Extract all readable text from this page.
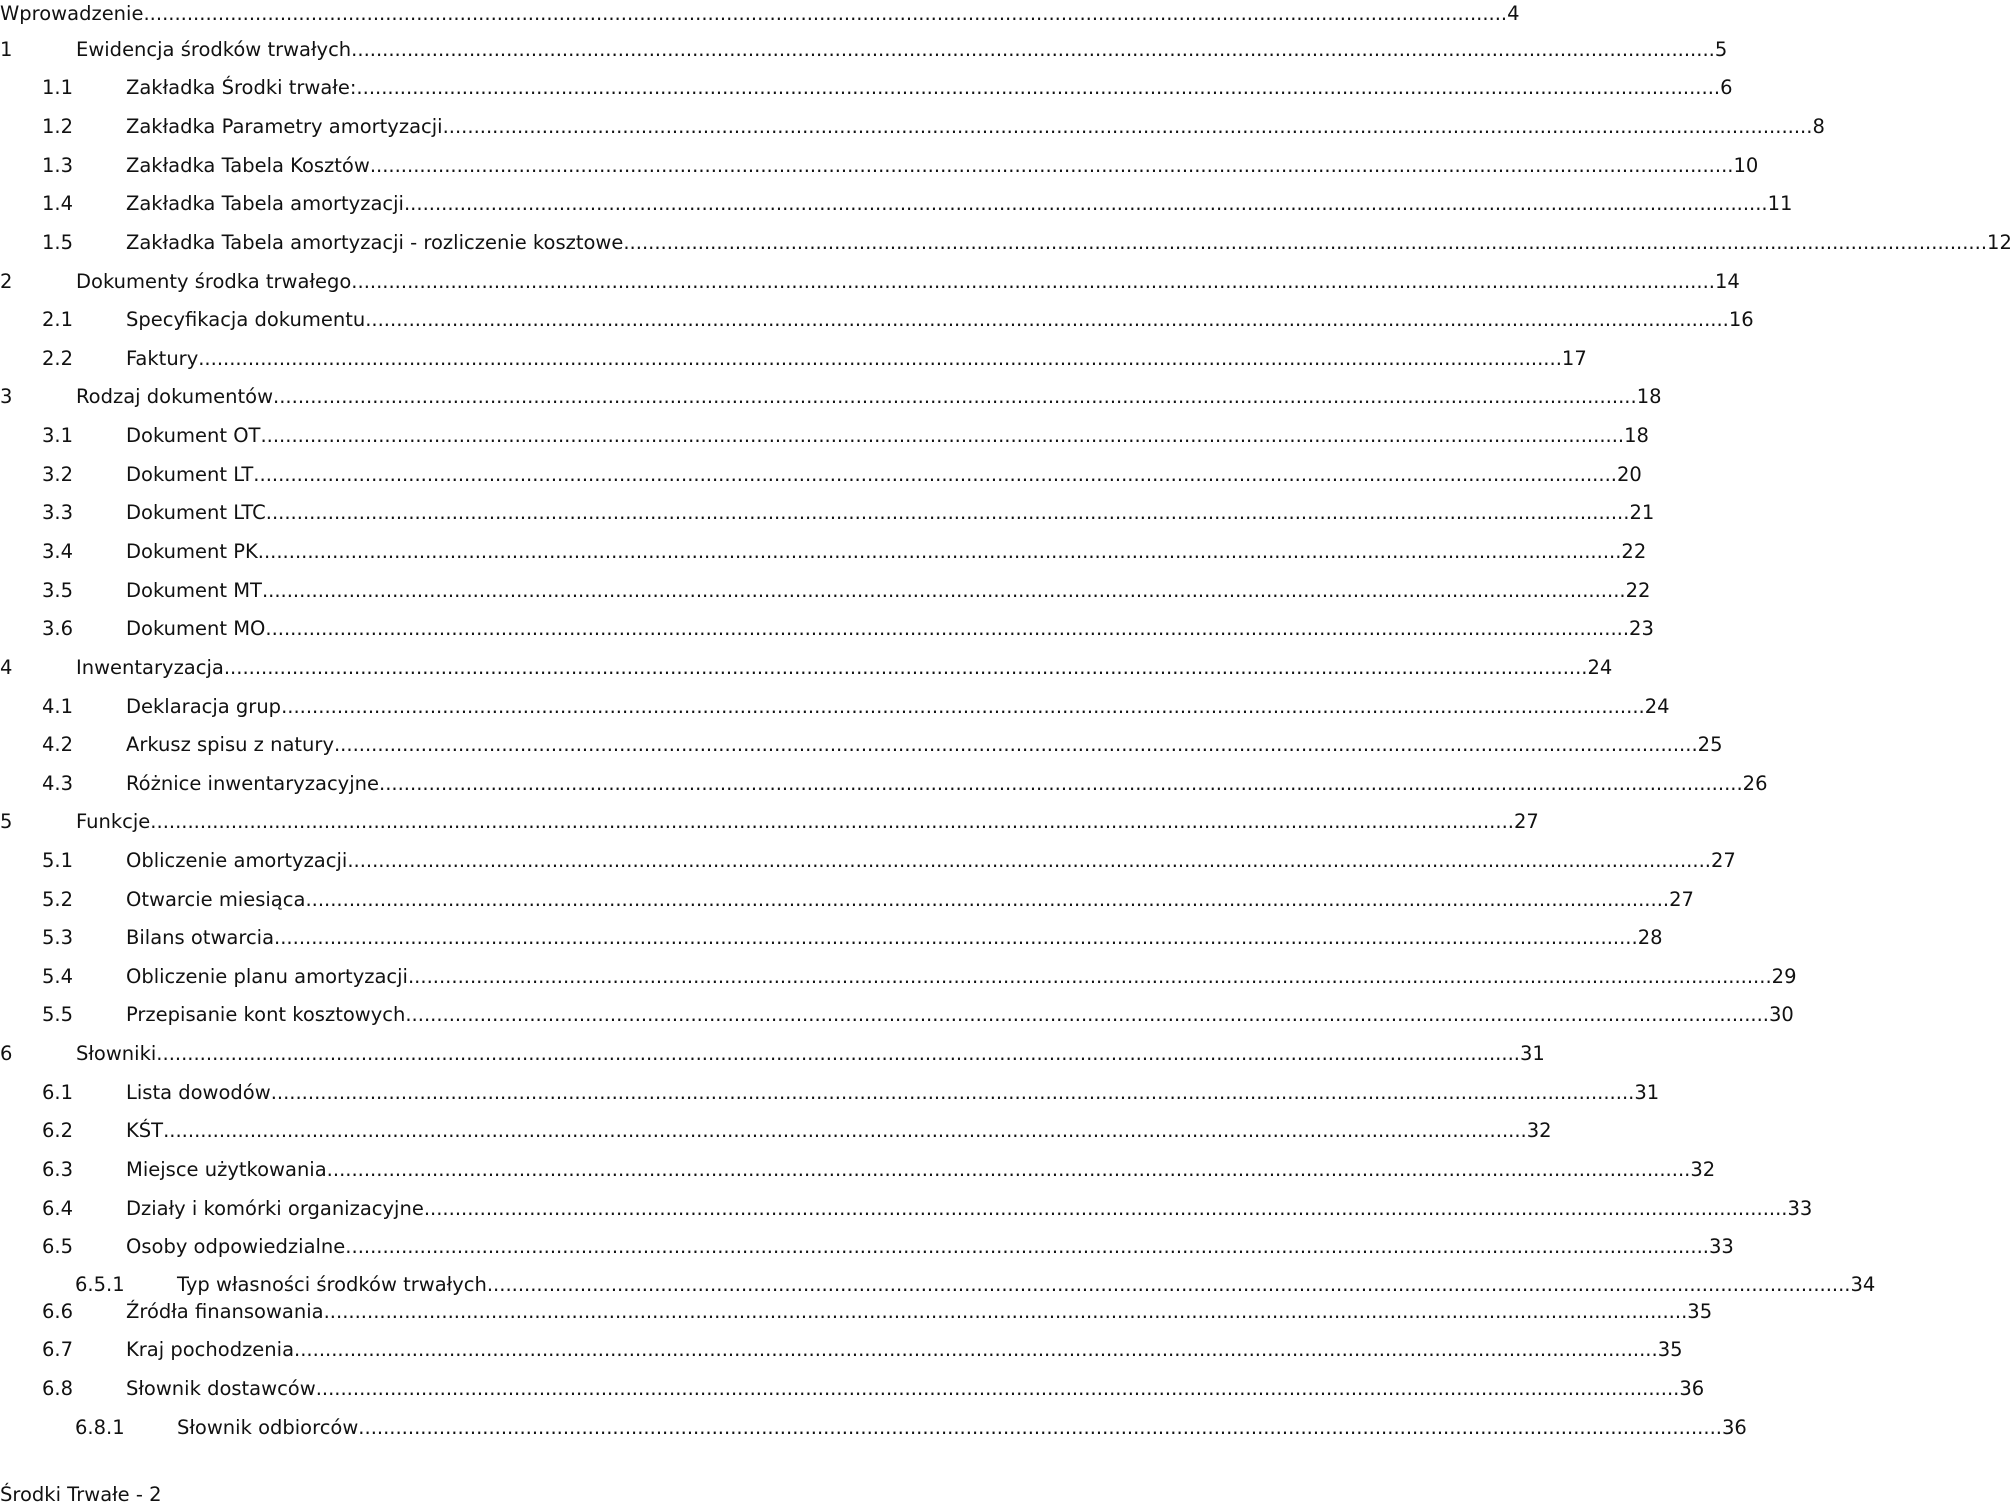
Wprowadzenie ............................................................................................................................................................................................................................ 4
1	Ewidencja środków trwałych ............................................................................................................................................................................................................................ 5
1.1	Zakładka Środki trwałe: ............................................................................................................................................................................................................................ 6
1.2	Zakładka Parametry amortyzacji. ............................................................................................................................................................................................................................ 8
1.3	Zakładka Tabela Kosztów ............................................................................................................................................................................................................................ 10
1.4	Zakładka Tabela amortyzacji ............................................................................................................................................................................................................................ 11
1.5	Zakładka Tabela amortyzacji - rozliczenie kosztowe ............................................................................................................................................................................................................................ 12
2	Dokumenty środka trwałego ............................................................................................................................................................................................................................ 14
2.1	Specyfikacja dokumentu ............................................................................................................................................................................................................................ 16
2.2	Faktury ............................................................................................................................................................................................................................ 17
3	Rodzaj dokumentów ............................................................................................................................................................................................................................ 18
3.1	Dokument OT ............................................................................................................................................................................................................................ 18
3.2	Dokument LT ............................................................................................................................................................................................................................ 20
3.3	Dokument LTC ............................................................................................................................................................................................................................ 21
3.4	Dokument PK ............................................................................................................................................................................................................................ 22
3.5	Dokument MT ............................................................................................................................................................................................................................ 22
3.6	Dokument MO ............................................................................................................................................................................................................................ 23
4	Inwentaryzacja ............................................................................................................................................................................................................................ 24
4.1	Deklaracja grup ............................................................................................................................................................................................................................ 24
4.2	Arkusz spisu z natury ............................................................................................................................................................................................................................ 25
4.3	Różnice inwentaryzacyjne ............................................................................................................................................................................................................................ 26
5	Funkcje ............................................................................................................................................................................................................................ 27
5.1	Obliczenie amortyzacji ............................................................................................................................................................................................................................ 27
5.2	Otwarcie miesiąca ............................................................................................................................................................................................................................ 27
5.3	Bilans otwarcia ............................................................................................................................................................................................................................ 28
5.4	Obliczenie planu amortyzacji ............................................................................................................................................................................................................................ 29
5.5	Przepisanie kont kosztowych ............................................................................................................................................................................................................................ 30
6	Słowniki ............................................................................................................................................................................................................................ 31
6.1	Lista dowodów ............................................................................................................................................................................................................................ 31
6.2	KŚT ............................................................................................................................................................................................................................ 32
6.3	Miejsce użytkowania ............................................................................................................................................................................................................................ 32
6.4	Działy i komórki organizacyjne ............................................................................................................................................................................................................................ 33
6.5	Osoby odpowiedzialne ............................................................................................................................................................................................................................ 33
6.5.1	Typ własności środków trwałych ............................................................................................................................................................................................................................ 34
6.6	Źródła finansowania ............................................................................................................................................................................................................................ 35
6.7	Kraj pochodzenia ............................................................................................................................................................................................................................ 35
6.8	Słownik dostawców ............................................................................................................................................................................................................................ 36
6.8.1	Słownik odbiorców ............................................................................................................................................................................................................................ 36
Środki Trwałe - 2
